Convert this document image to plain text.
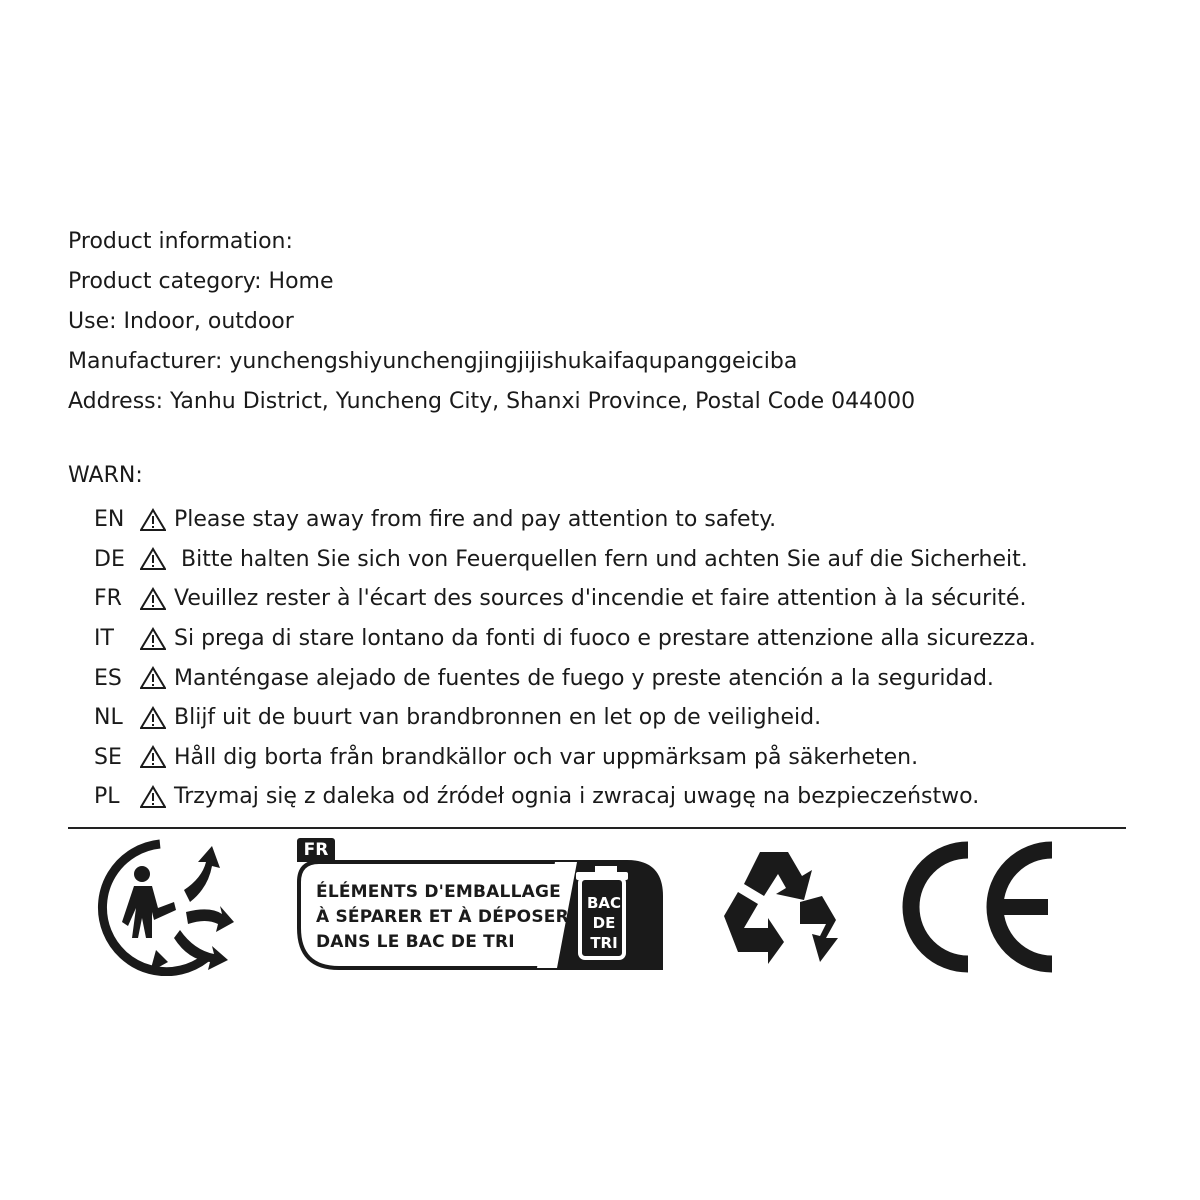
Product information:
Product category: Home
Use: Indoor, outdoor
Manufacturer: yunchengshiyunchengjingjijishukaifaqupanggeiciba
Address: Yanhu District, Yuncheng City, Shanxi Province, Postal Code 044000
WARN:
EN	Please stay away from fire and pay attention to safety.
DE	Bitte halten Sie sich von Feuerquellen fern und achten Sie auf die Sicherheit.
FR	Veuillez rester à l'écart des sources d'incendie et faire attention à la sécurité.
IT	Si prega di stare lontano da fonti di fuoco e prestare attenzione alla sicurezza.
ES	Manténgase alejado de fuentes de fuego y preste atención a la seguridad.
NL	Blijf uit de buurt van brandbronnen en let op de veiligheid.
SE	Håll dig borta från brandkällor och var uppmärksam på säkerheten.
PL	Trzymaj się z daleka od źródeł ognia i zwracaj uwagę na bezpieczeństwo.
FR
ÉLÉMENTS D'EMBALLAGE
À SÉPARER ET À DÉPOSER
DANS LE BAC DE TRI
BAC
DE
TRI
